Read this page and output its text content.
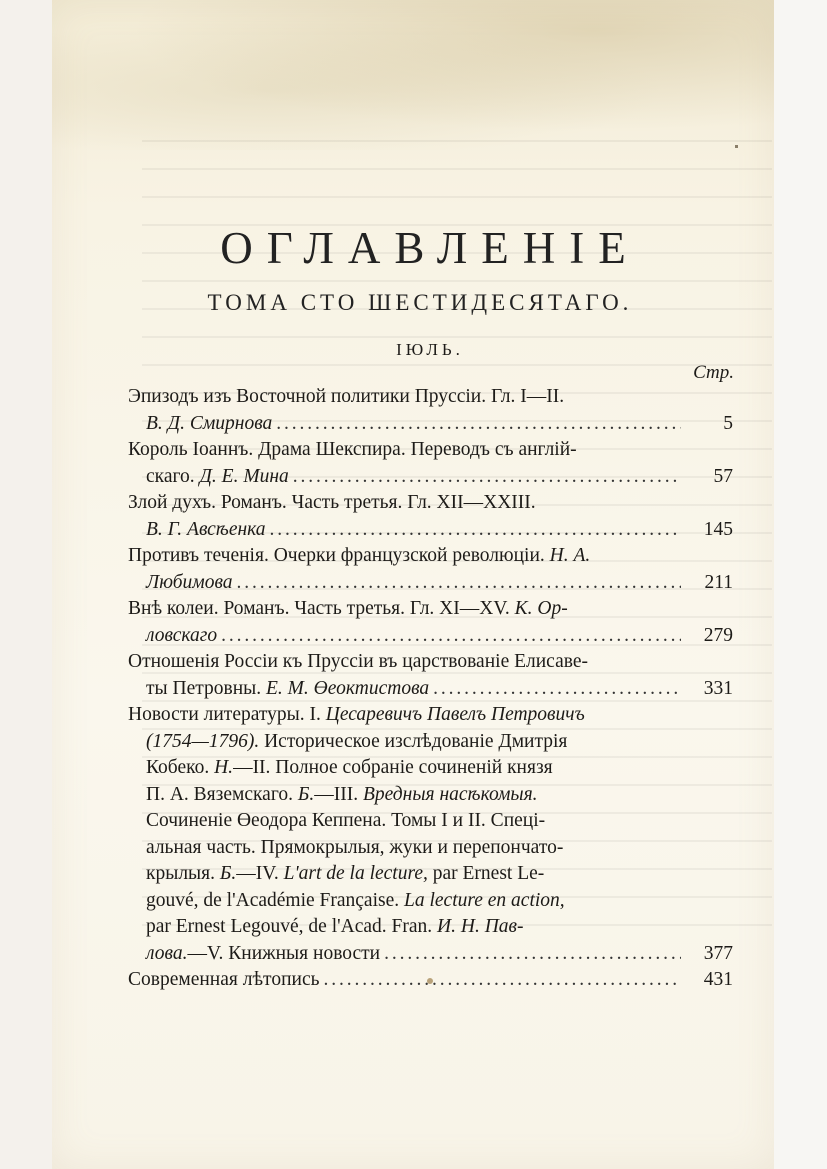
ОГЛАВЛЕНІЕ
ТОМА СТО ШЕСТИДЕСЯТАГО.
ІЮЛЬ.
Стр.
Эпизодъ изъ Восточной политики Пруссіи. Гл. I—II.
В. Д. Смирнова . . .	5
Король Іоаннъ. Драма Шекспира. Переводъ съ англій-
скаго. Д. Е. Мина . . .	57
Злой духъ. Романъ. Часть третья. Гл. XII—XXIII.
В. Г. Авсѣенка . . .	145
Противъ теченія. Очерки французской революціи. Н. А.
Любимова . . .	211
Внѣ колеи. Романъ. Часть третья. Гл. XI—XV. К. Ор-
ловскаго . . .	279
Отношенія Россіи къ Пруссіи въ царствованіе Елисаве-
ты Петровны. Е. М. Өеоктистова . . .	331
Новости литературы. I. Цесаревичъ Павелъ Петровичъ
(1754—1796). Историческое изслѣдованіе Дмитрія
Кобеко. Н.—II. Полное собраніе сочиненій князя
П. А. Вяземскаго. Б.—III. Вредныя насѣкомыя.
Сочиненіе Өеодора Кеппена. Томы I и II. Спеці-
альная часть. Прямокрылыя, жуки и перепончато-
крылыя. Б.—IV. L'art de la lecture, par Ernest Le-
gouvé, de l'Académie Française. La lecture en action,
par Ernest Legouvé, de l'Acad. Fran. И. Н. Пав-
лова.—V. Книжныя новости . . .	377
Современная лѣтопись . . .	431
